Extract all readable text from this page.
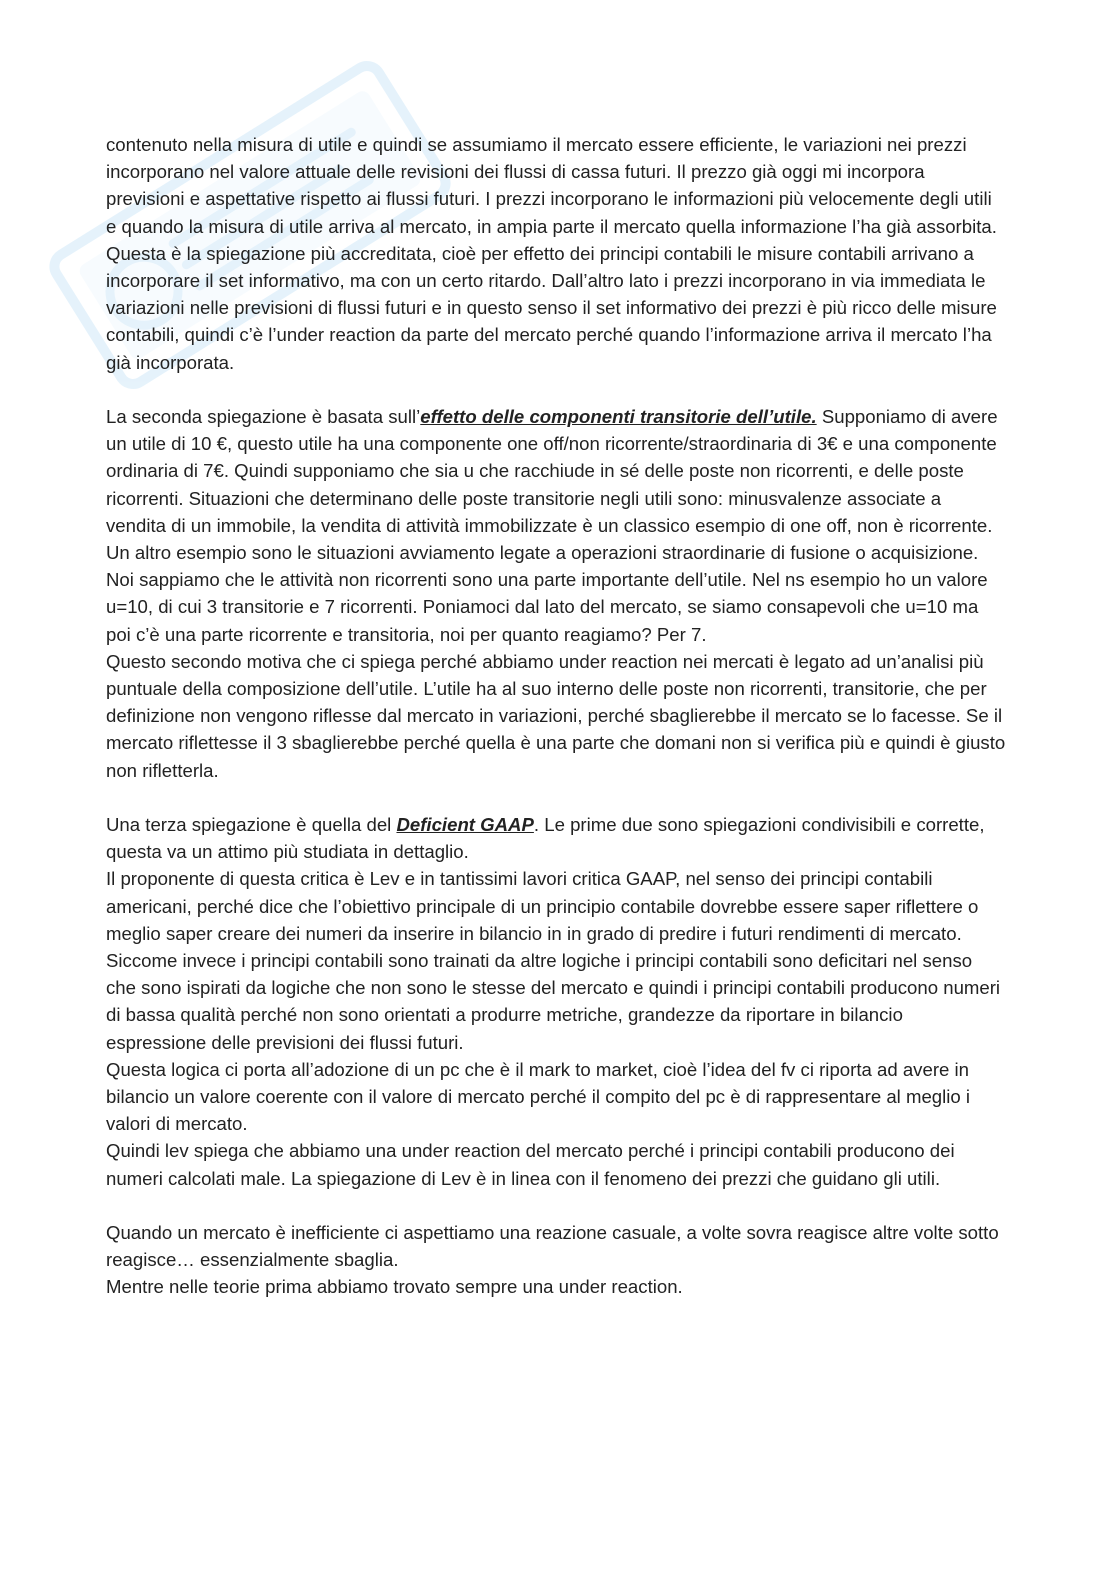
contenuto nella misura di utile e quindi se assumiamo il mercato essere efficiente, le variazioni nei prezzi incorporano nel valore attuale delle revisioni dei flussi di cassa futuri. Il prezzo già oggi mi incorpora previsioni e aspettative rispetto ai flussi futuri. I prezzi incorporano le informazioni più velocemente degli utili e quando la misura di utile arriva al mercato, in ampia parte il mercato quella informazione l’ha già assorbita.

Questa è la spiegazione più accreditata, cioè per effetto dei principi contabili le misure contabili arrivano a incorporare il set informativo, ma con un certo ritardo. Dall’altro lato i prezzi incorporano in via immediata le variazioni nelle previsioni di flussi futuri e in questo senso il set informativo dei prezzi è più ricco delle misure contabili, quindi c’è l’under reaction da parte del mercato perché quando l’informazione arriva il mercato l’ha già incorporata.

La seconda spiegazione è basata sull’effetto delle componenti transitorie dell’utile. Supponiamo di avere un utile di 10 €, questo utile ha una componente one off/non ricorrente/straordinaria di 3€ e una componente ordinaria di 7€. Quindi supponiamo che sia u che racchiude in sé delle poste non ricorrenti, e delle poste ricorrenti. Situazioni che determinano delle poste transitorie negli utili sono: minusvalenze associate a vendita di un immobile, la vendita di attività immobilizzate è un classico esempio di one off, non è ricorrente. Un altro esempio sono le situazioni avviamento legate a operazioni straordinarie di fusione o acquisizione. Noi sappiamo che le attività non ricorrenti sono una parte importante dell’utile. Nel ns esempio ho un valore u=10, di cui 3 transitorie e 7 ricorrenti. Poniamoci dal lato del mercato, se siamo consapevoli che u=10 ma poi c’è una parte ricorrente e transitoria, noi per quanto reagiamo? Per 7.

Questo secondo motiva che ci spiega perché abbiamo under reaction nei mercati è legato ad un’analisi più puntuale della composizione dell’utile. L’utile ha al suo interno delle poste non ricorrenti, transitorie, che per definizione non vengono riflesse dal mercato in variazioni, perché sbaglierebbe il mercato se lo facesse. Se il mercato riflettesse il 3 sbaglierebbe perché quella è una parte che domani non si verifica più e quindi è giusto non rifletterla.

Una terza spiegazione è quella del Deficient GAAP. Le prime due sono spiegazioni condivisibili e corrette, questa va un attimo più studiata in dettaglio.

Il proponente di questa critica è Lev e in tantissimi lavori critica GAAP, nel senso dei principi contabili americani, perché dice che l’obiettivo principale di un principio contabile dovrebbe essere saper riflettere o meglio saper creare dei numeri da inserire in bilancio in in grado di predire i futuri rendimenti di mercato. Siccome invece i principi contabili sono trainati da altre logiche i principi contabili sono deficitari nel senso che sono ispirati da logiche che non sono le stesse del mercato e quindi i principi contabili producono numeri di bassa qualità perché non sono orientati a produrre metriche, grandezze da riportare in bilancio espressione delle previsioni dei flussi futuri.

Questa logica ci porta all’adozione di un pc che è il mark to market, cioè l’idea del fv ci riporta ad avere in bilancio un valore coerente con il valore di mercato perché il compito del pc è di rappresentare al meglio i valori di mercato.

Quindi lev spiega che abbiamo una under reaction del mercato perché i principi contabili producono dei numeri calcolati male. La spiegazione di Lev è in linea con il fenomeno dei prezzi che guidano gli utili.

Quando un mercato è inefficiente ci aspettiamo una reazione casuale, a volte sovra reagisce altre volte sotto reagisce… essenzialmente sbaglia.

Mentre nelle teorie prima abbiamo trovato sempre una under reaction.
